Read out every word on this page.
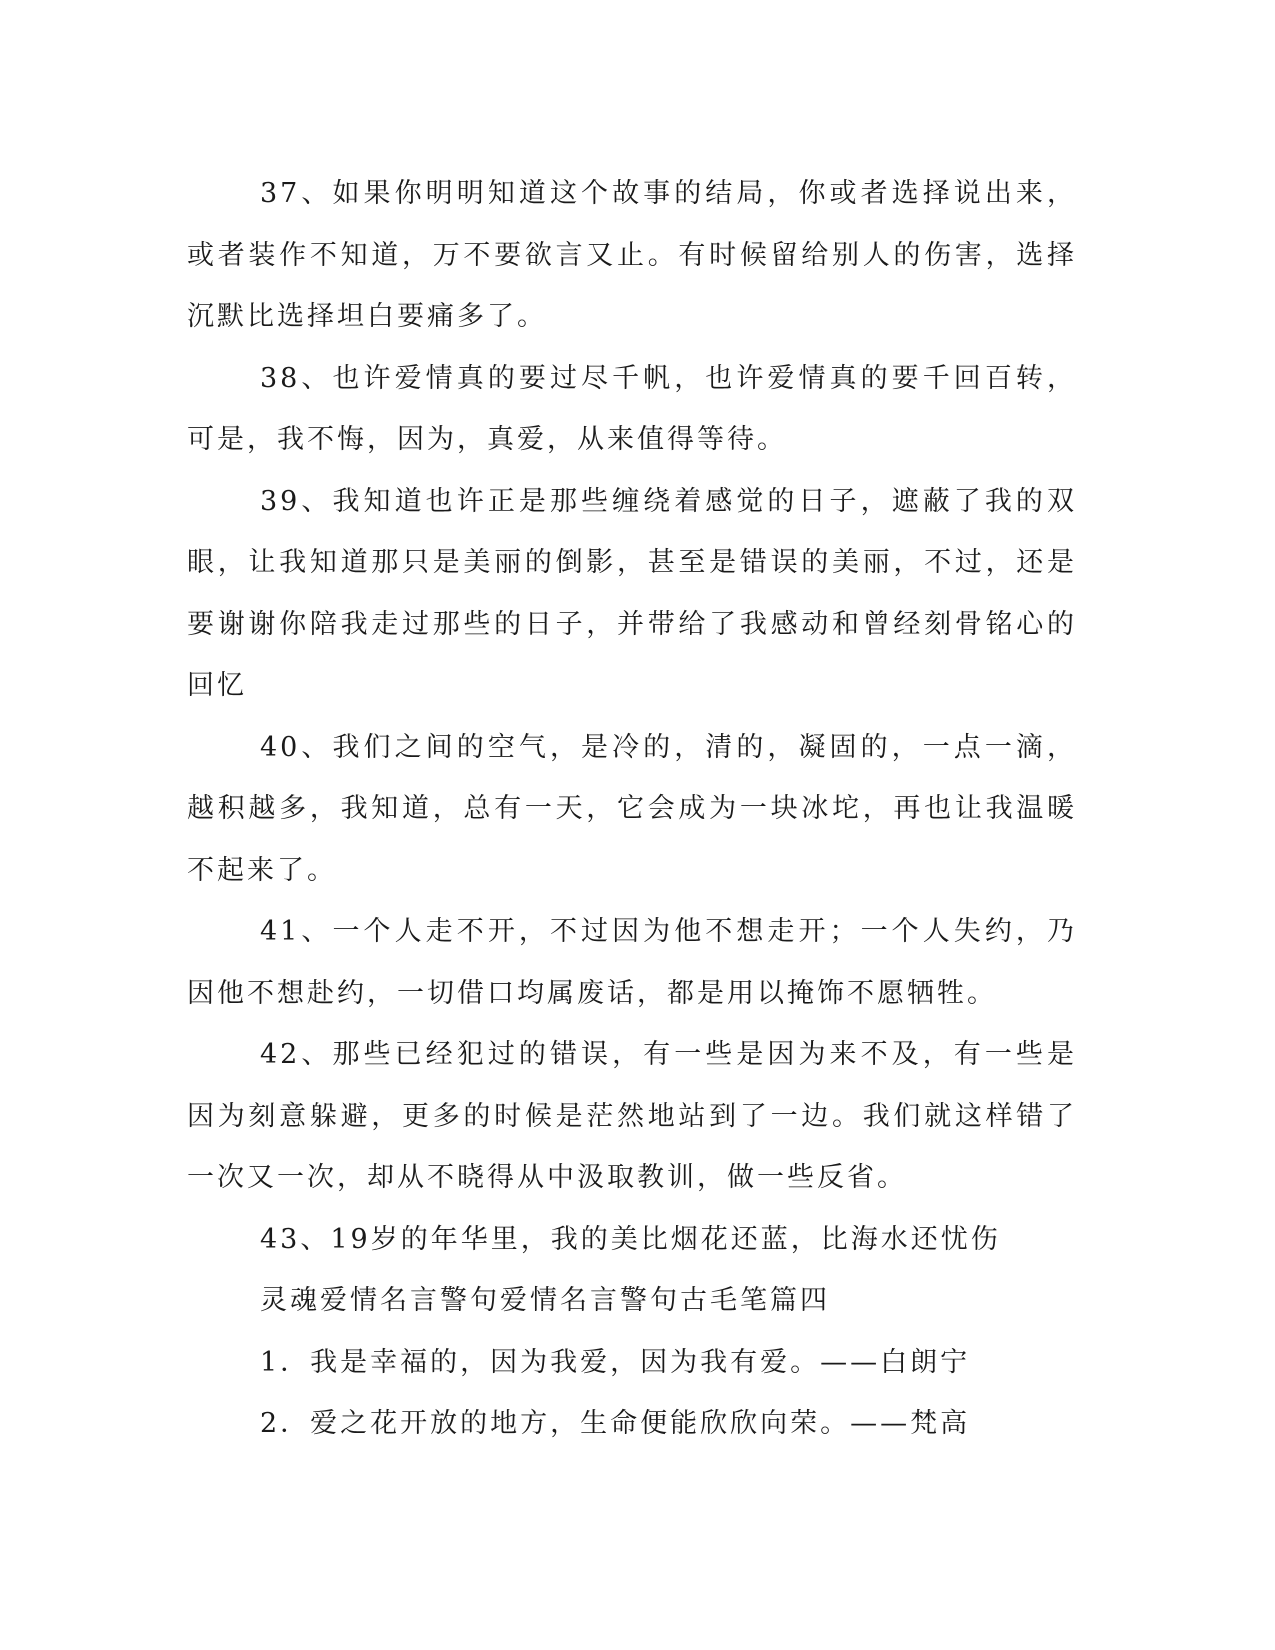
37、如果你明明知道这个故事的结局，你或者选择说出来，或者装作不知道，万不要欲言又止。有时候留给别人的伤害，选择沉默比选择坦白要痛多了。

38、也许爱情真的要过尽千帆，也许爱情真的要千回百转，可是，我不悔，因为，真爱，从来值得等待。

39、我知道也许正是那些缠绕着感觉的日子，遮蔽了我的双眼，让我知道那只是美丽的倒影，甚至是错误的美丽，不过，还是要谢谢你陪我走过那些的日子，并带给了我感动和曾经刻骨铭心的回忆

40、我们之间的空气，是冷的，清的，凝固的，一点一滴，越积越多，我知道，总有一天，它会成为一块冰坨，再也让我温暖不起来了。

41、一个人走不开，不过因为他不想走开；一个人失约，乃因他不想赴约，一切借口均属废话，都是用以掩饰不愿牺牲。

42、那些已经犯过的错误，有一些是因为来不及，有一些是因为刻意躲避，更多的时候是茫然地站到了一边。我们就这样错了一次又一次，却从不晓得从中汲取教训，做一些反省。

43、19岁的年华里，我的美比烟花还蓝，比海水还忧伤

灵魂爱情名言警句爱情名言警句古毛笔篇四

1．我是幸福的，因为我爱，因为我有爱。——白朗宁

2．爱之花开放的地方，生命便能欣欣向荣。——梵高
